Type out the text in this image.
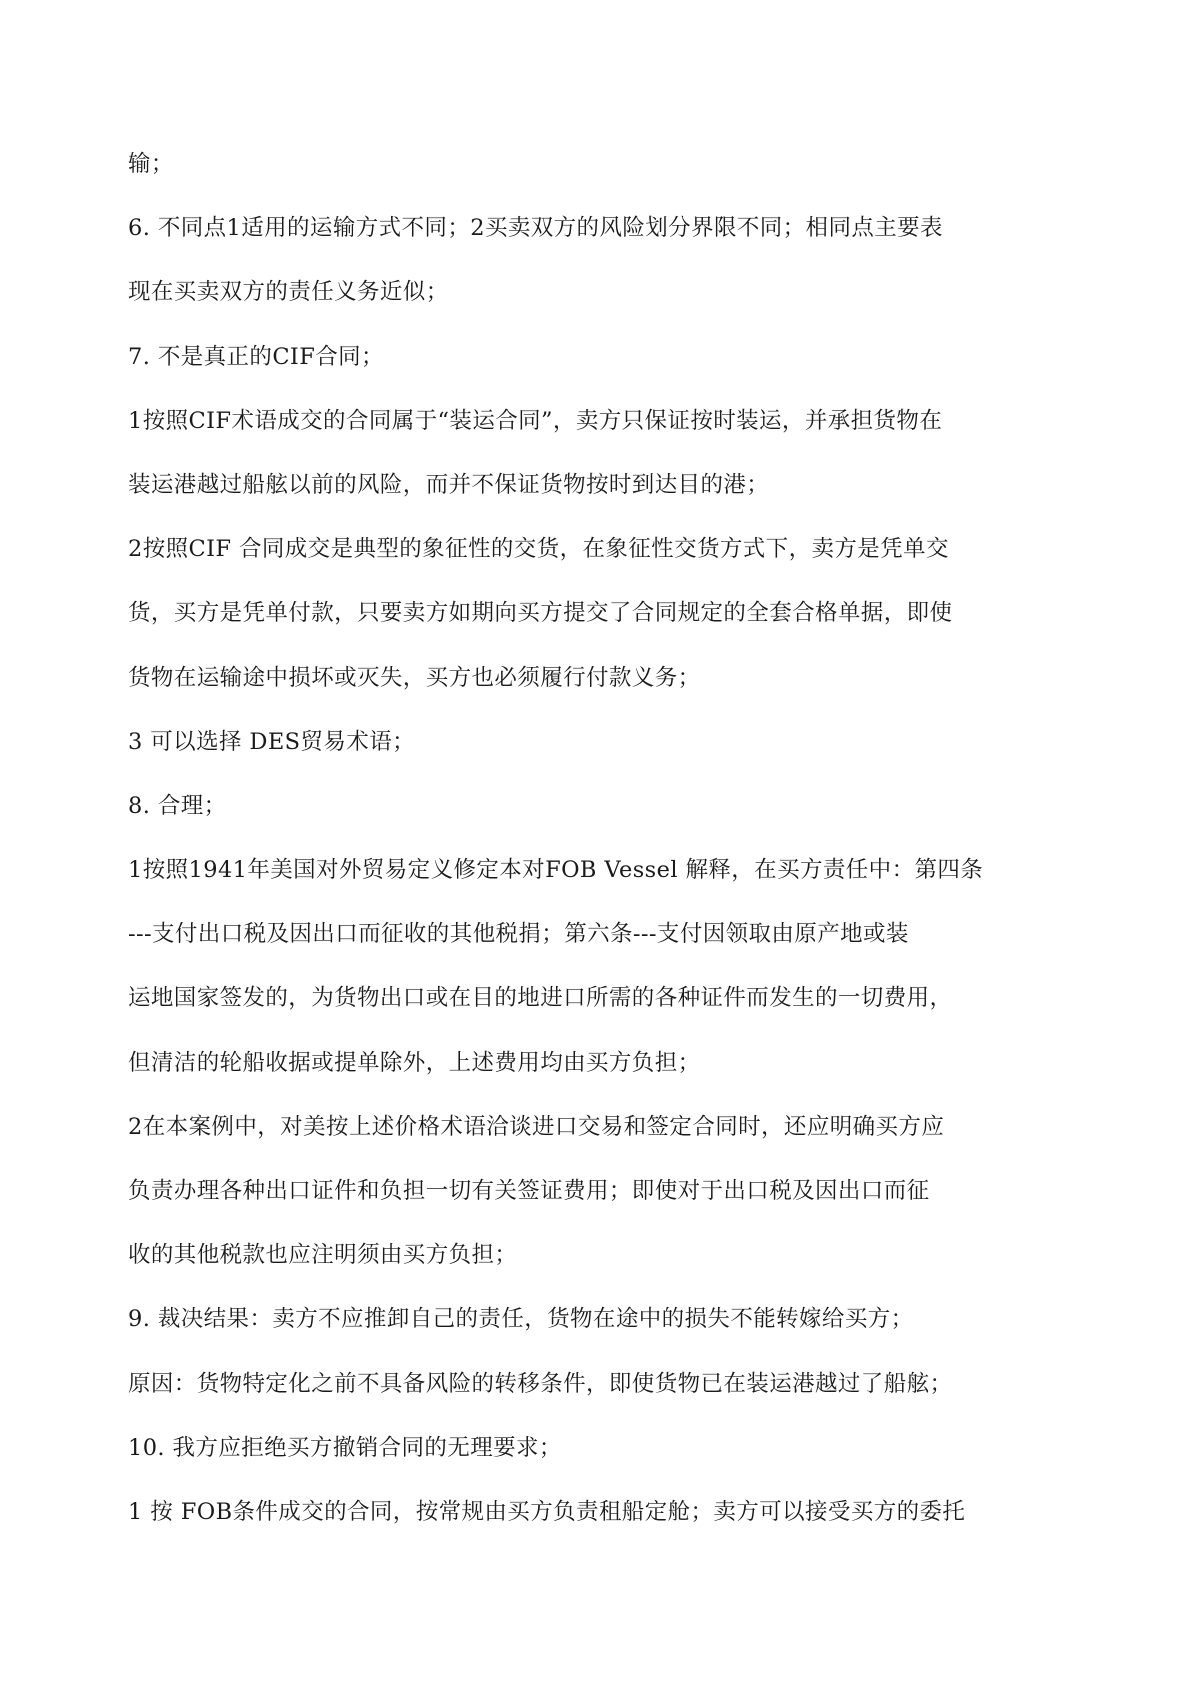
输；

6. 不同点1适用的运输方式不同；2买卖双方的风险划分界限不同；相同点主要表

现在买卖双方的责任义务近似；

7. 不是真正的CIF合同；

1按照CIF术语成交的合同属于“装运合同”，卖方只保证按时装运，并承担货物在

装运港越过船舷以前的风险，而并不保证货物按时到达目的港；

2按照CIF 合同成交是典型的象征性的交货，在象征性交货方式下，卖方是凭单交

货，买方是凭单付款，只要卖方如期向买方提交了合同规定的全套合格单据，即使

货物在运输途中损坏或灭失，买方也必须履行付款义务；

3 可以选择 DES贸易术语；

8. 合理；

1按照1941年美国对外贸易定义修定本对FOB Vessel 解释，在买方责任中：第四条

---支付出口税及因出口而征收的其他税捐；第六条---支付因领取由原产地或装

运地国家签发的，为货物出口或在目的地进口所需的各种证件而发生的一切费用，

但清洁的轮船收据或提单除外，上述费用均由买方负担；

2在本案例中，对美按上述价格术语洽谈进口交易和签定合同时，还应明确买方应

负责办理各种出口证件和负担一切有关签证费用；即使对于出口税及因出口而征

收的其他税款也应注明须由买方负担；

9. 裁决结果：卖方不应推卸自己的责任，货物在途中的损失不能转嫁给买方；

原因：货物特定化之前不具备风险的转移条件，即使货物已在装运港越过了船舷；

10. 我方应拒绝买方撤销合同的无理要求；

1 按 FOB条件成交的合同，按常规由买方负责租船定舱；卖方可以接受买方的委托
